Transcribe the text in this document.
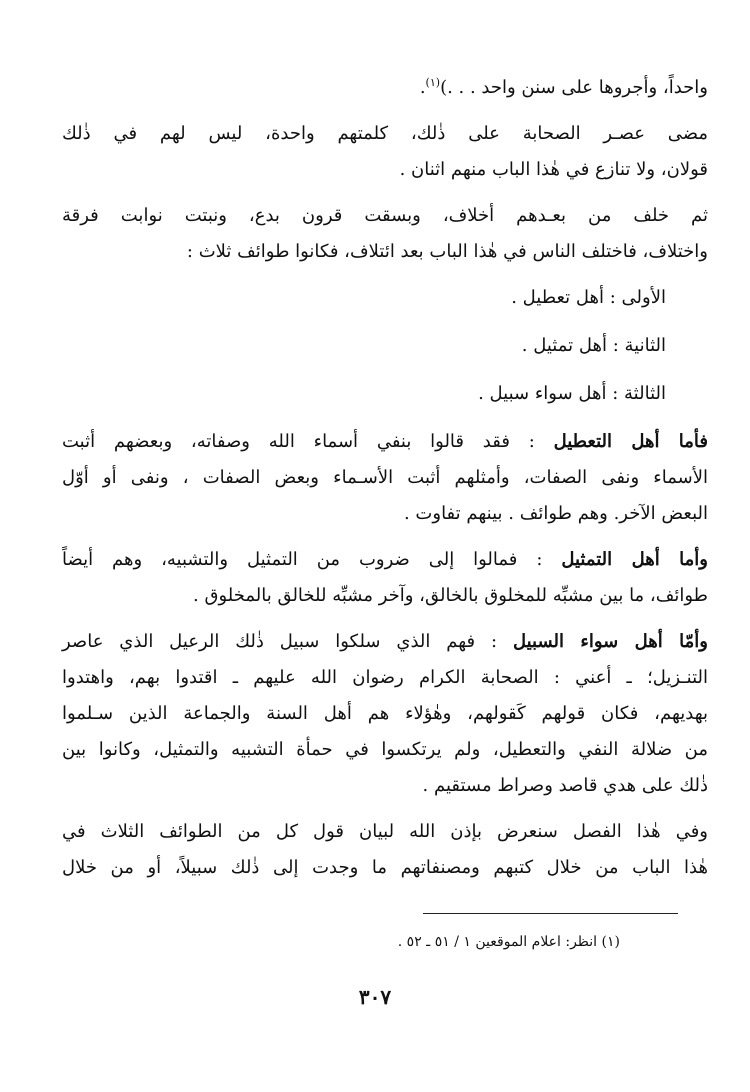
واحداً، وأجروها على سنن واحد . . .)$^{(١)}$.

مضى عصـر الصحابة على ذٰلك، كلمتهم واحدة، ليس لهم في ذٰلك
قولان، ولا تنازع في هٰذا الباب منهم اثنان .

ثم خلف من بعـدهم أخلاف، وبسقت قرون بدع، ونبتت نوابت فرقة
واختلاف، فاختلف الناس في هٰذا الباب بعد ائتلاف، فكانوا طوائف ثلاث :

الأولى : أهل تعطيل .
الثانية : أهل تمثيل .
الثالثة : أهل سواء سبيل .

فأما أهل التعطيل : فقد قالوا بنفي أسماء الله وصفاته، وبعضهم أثبت
الأسماء ونفى الصفات، وأمثلهم أثبت الأسـماء وبعض الصفات ، ونفى أو أوّل
البعض الآخر. وهم طوائف . بينهم تفاوت .

وأما أهل التمثيل : فمالوا إلى ضروب من التمثيل والتشبيه، وهم أيضاً
طوائف، ما بين مشبِّه للمخلوق بالخالق، وآخر مشبِّه للخالق بالمخلوق .

وأمّا أهل سواء السبيل : فهم الذي سلكوا سبيل ذٰلك الرعيل الذي عاصر
التنـزيل؛ ـ أعني : الصحابة الكرام رضوان الله عليهم ـ اقتدوا بهم، واهتدوا
بهديهم، فكان قولهم كَقولهم، وهٰؤلاء هم أهل السنة والجماعة الذين سـلموا
من ضلالة النفي والتعطيل، ولم يرتكسوا في حمأة التشبيه والتمثيل، وكانوا بين
ذٰلك على هدي قاصد وصراط مستقيم .

وفي هٰذا الفصل سنعرض بإذن الله لبيان قول كل من الطوائف الثلاث في
هٰذا الباب من خلال كتبهم ومصنفاتهم ما وجدت إلى ذٰلك سبيلاً، أو من خلال

(١) انظر: اعلام الموقعين ١ / ٥١ ـ ٥٢ .
٣٠٧
